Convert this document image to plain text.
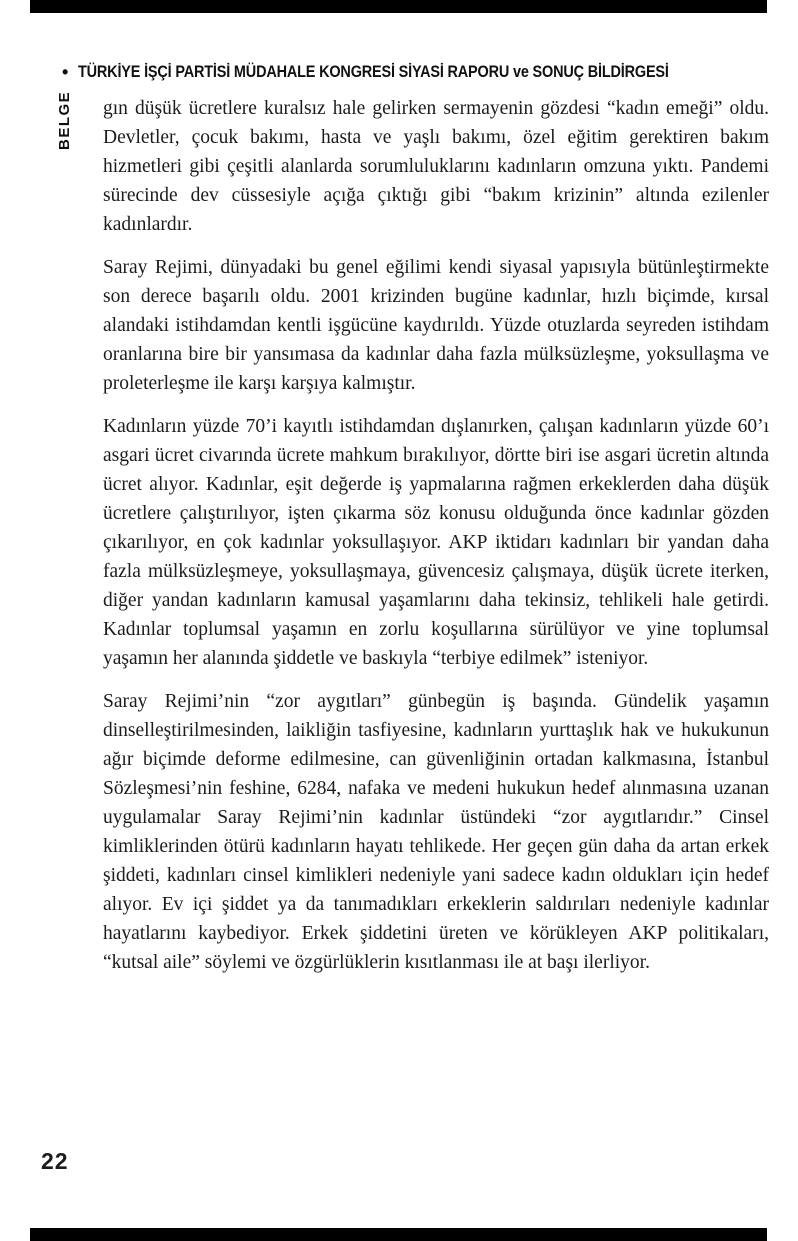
• TÜRKİYE İŞÇİ PARTİSİ MÜDAHALE KONGRESİ SİYASİ RAPORU ve SONUÇ BİLDİRGESİ
BELGE gın düşük ücretlere kuralsız hale gelirken sermayenin gözdesi “kadın emeği” oldu. Devletler, çocuk bakımı, hasta ve yaşlı bakımı, özel eğitim gerektiren bakım hizmetleri gibi çeşitli alanlarda sorumluluklarını kadınların omzuna yıktı. Pandemi sürecinde dev cüssesiyle açığa çıktığı gibi “bakım krizinin” altında ezilenler kadınlardır.

Saray Rejimi, dünyadaki bu genel eğilimi kendi siyasal yapısıyla bütünleştirmekte son derece başarılı oldu. 2001 krizinden bugüne kadınlar, hızlı biçimde, kırsal alandaki istihdamdan kentli işgücüne kaydırıldı. Yüzde otuzlarda seyreden istihdam oranlarına bire bir yansımasa da kadınlar daha fazla mülksüzleşme, yoksullaşma ve proleterleşme ile karşı karşıya kalmıştır.

Kadınların yüzde 70’i kayıtlı istihdamdan dışlanırken, çalışan kadınların yüzde 60’ı asgari ücret civarında ücrete mahkum bırakılıyor, dörtte biri ise asgari ücretin altında ücret alıyor. Kadınlar, eşit değerde iş yapmalarına rağmen erkeklerden daha düşük ücretlere çalıştırılıyor, işten çıkarma söz konusu olduğunda önce kadınlar gözden çıkarılıyor, en çok kadınlar yoksullaşıyor. AKP iktidarı kadınları bir yandan daha fazla mülksüzleşmeye, yoksullaşmaya, güvencesiz çalışmaya, düşük ücrete iterken, diğer yandan kadınların kamusal yaşamlarını daha tekinsiz, tehlikeli hale getirdi. Kadınlar toplumsal yaşamın en zorlu koşullarına sürülüyor ve yine toplumsal yaşamın her alanında şiddetle ve baskıyla “terbiye edilmek” isteniyor.

Saray Rejimi’nin “zor aygıtları” günbegün iş başında. Gündelik yaşamın dinselleştirilmesinden, laikliğin tasfiyesine, kadınların yurttaşlık hak ve hukukunun ağır biçimde deforme edilmesine, can güvenliğinin ortadan kalkmasına, İstanbul Sözleşmesi’nin feshine, 6284, nafaka ve medeni hukukun hedef alınmasına uzanan uygulamalar Saray Rejimi’nin kadınlar üstündeki “zor aygıtlarıdır.” Cinsel kimliklerinden ötürü kadınların hayatı tehlikede. Her geçen gün daha da artan erkek şiddeti, kadınları cinsel kimlikleri nedeniyle yani sadece kadın oldukları için hedef alıyor. Ev içi şiddet ya da tanımadıkları erkeklerin saldırıları nedeniyle kadınlar hayatlarını kaybediyor. Erkek şiddetini üreten ve körükleyen AKP politikaları, “kutsal aile” söylemi ve özgürlüklerin kısıtlanması ile at başı ilerliyor.

22
